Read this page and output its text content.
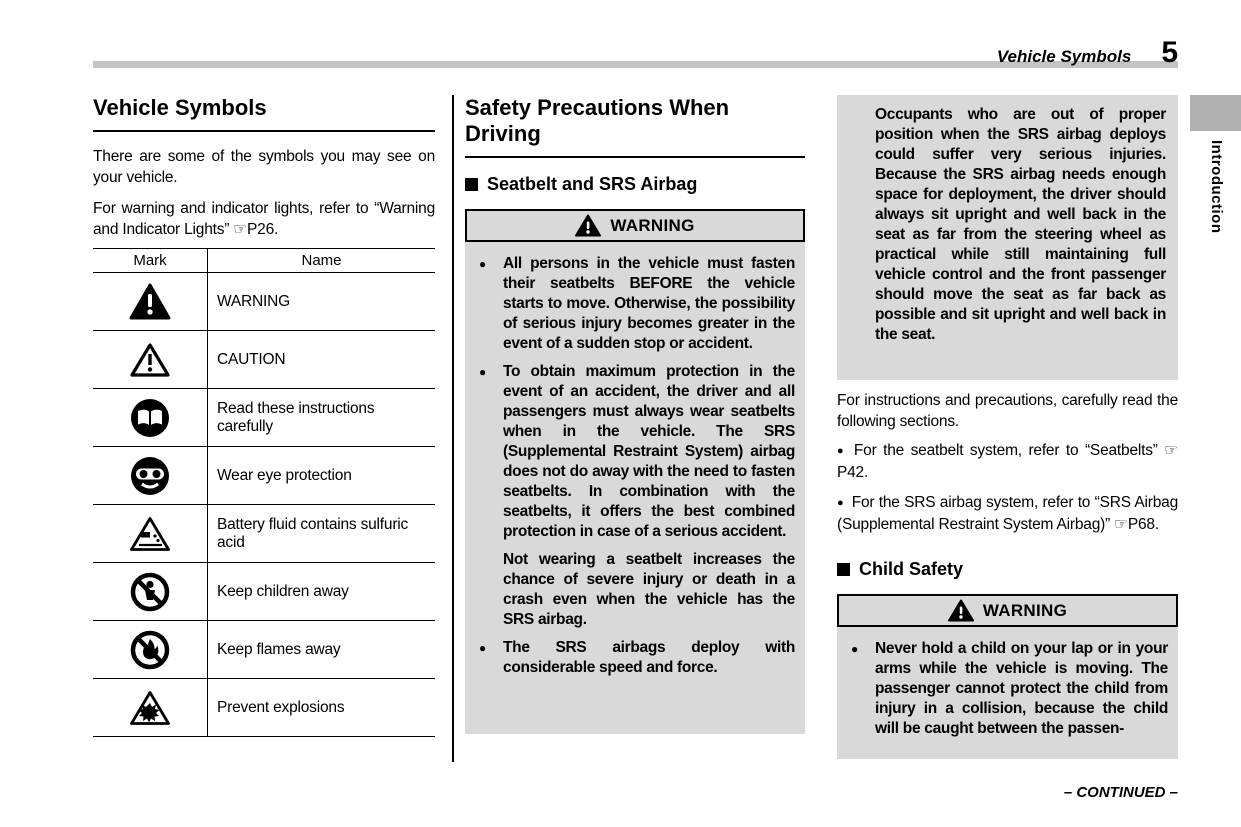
Vehicle Symbols 5
Introduction
Vehicle Symbols

There are some of the symbols you may see on your vehicle.

For warning and indicator lights, refer to “Warning and Indicator Lights” ☞P26.

Mark	Name

	WARNING

	CAUTION

	Read these instructions carefully

	Wear eye protection

	Battery fluid contains sulfuric acid

	Keep children away

	Keep flames away

	Prevent explosions
Safety Precautions When Driving
Seatbelt and SRS Airbag
WARNING
●	All persons in the vehicle must fasten their seatbelts BEFORE the vehicle starts to move. Otherwise, the possibility of serious injury becomes greater in the event of a sudden stop or accident.
●	To obtain maximum protection in the event of an accident, the driver and all passengers must always wear seatbelts when in the vehicle. The SRS (Supplemental Restraint System) airbag does not do away with the need to fasten seatbelts. In combination with the seatbelts, it offers the best combined protection in case of a serious accident.

Not wearing a seatbelt increases the chance of severe injury or death in a crash even when the vehicle has the SRS airbag.

●	The SRS airbags deploy with considerable speed and force.

Occupants who are out of proper position when the SRS airbag deploys could suffer very serious injuries. Because the SRS airbag needs enough space for deployment, the driver should always sit upright and well back in the seat as far from the steering wheel as practical while still maintaining full vehicle control and the front passenger should move the seat as far back as possible and sit upright and well back in the seat.

For instructions and precautions, carefully read the following sections.

● For the seatbelt system, refer to “Seatbelts” ☞P42.

● For the SRS airbag system, refer to “SRS Airbag (Supplemental Restraint System Airbag)” ☞P68.

Child Safety
WARNING
●	Never hold a child on your lap or in your arms while the vehicle is moving. The passenger cannot protect the child from injury in a collision, because the child will be caught between the passen-
– CONTINUED –
